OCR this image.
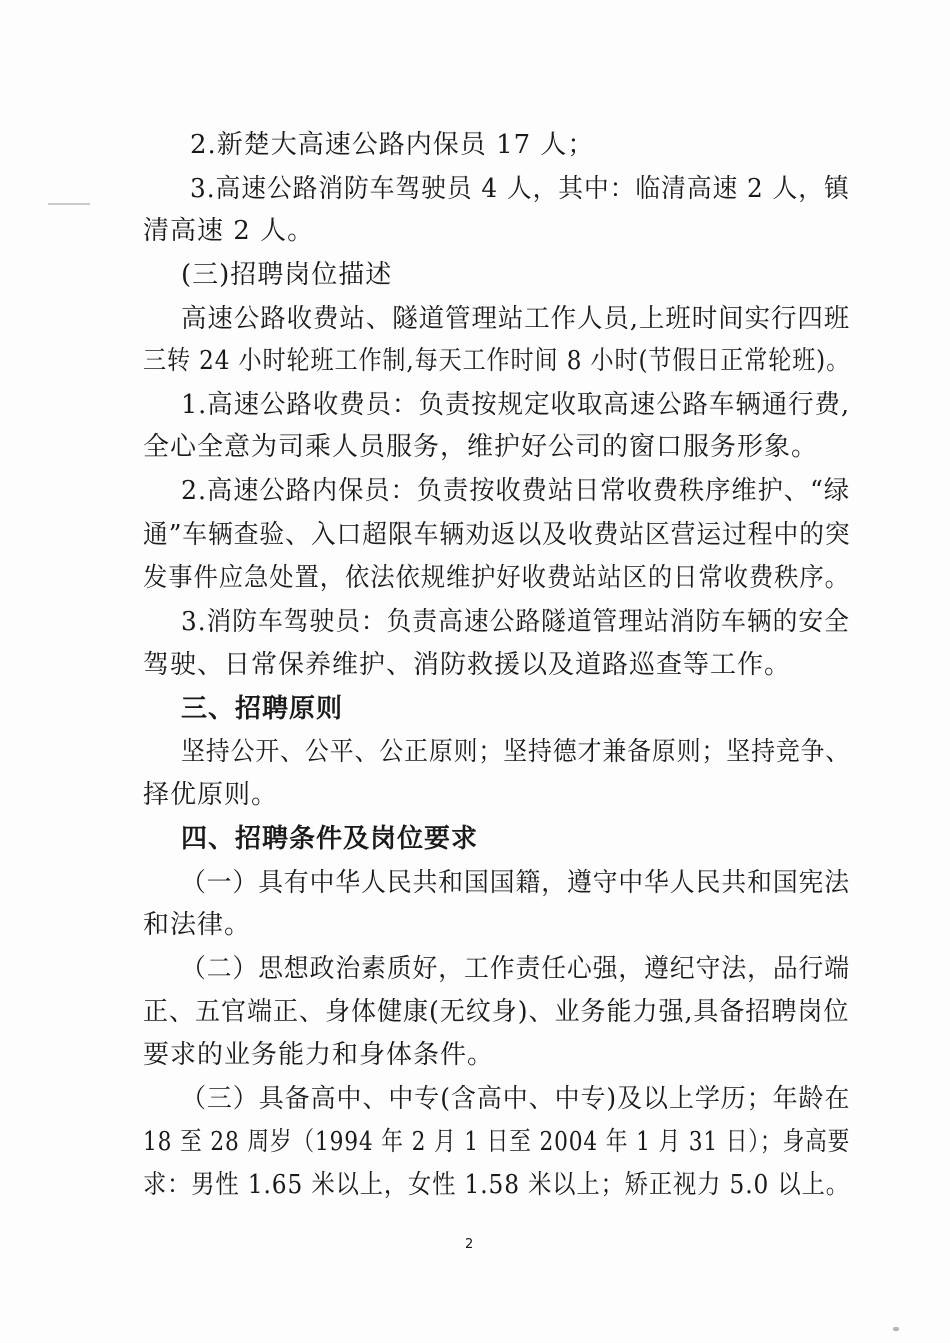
2.新楚大高速公路内保员 17 人；
3.高速公路消防车驾驶员 4 人，其中：临清高速 2 人，镇
清高速 2 人。
(三)招聘岗位描述
高速公路收费站、隧道管理站工作人员,上班时间实行四班
三转 24 小时轮班工作制,每天工作时间 8 小时(节假日正常轮班)。
1.高速公路收费员：负责按规定收取高速公路车辆通行费,
全心全意为司乘人员服务，维护好公司的窗口服务形象。
2.高速公路内保员：负责按收费站日常收费秩序维护、“绿
通”车辆查验、入口超限车辆劝返以及收费站区营运过程中的突
发事件应急处置，依法依规维护好收费站站区的日常收费秩序。
3.消防车驾驶员：负责高速公路隧道管理站消防车辆的安全
驾驶、日常保养维护、消防救援以及道路巡查等工作。
三、招聘原则
坚持公开、公平、公正原则；坚持德才兼备原则；坚持竞争、
择优原则。
四、招聘条件及岗位要求
（一）具有中华人民共和国国籍，遵守中华人民共和国宪法
和法律。
（二）思想政治素质好，工作责任心强，遵纪守法，品行端
正、五官端正、身体健康(无纹身)、业务能力强,具备招聘岗位
要求的业务能力和身体条件。
（三）具备高中、中专(含高中、中专)及以上学历；年龄在
18 至 28 周岁（1994 年 2 月 1 日至 2004 年 1 月 31 日）；身高要
求：男性 1.65 米以上，女性 1.58 米以上；矫正视力 5.0 以上。
2
